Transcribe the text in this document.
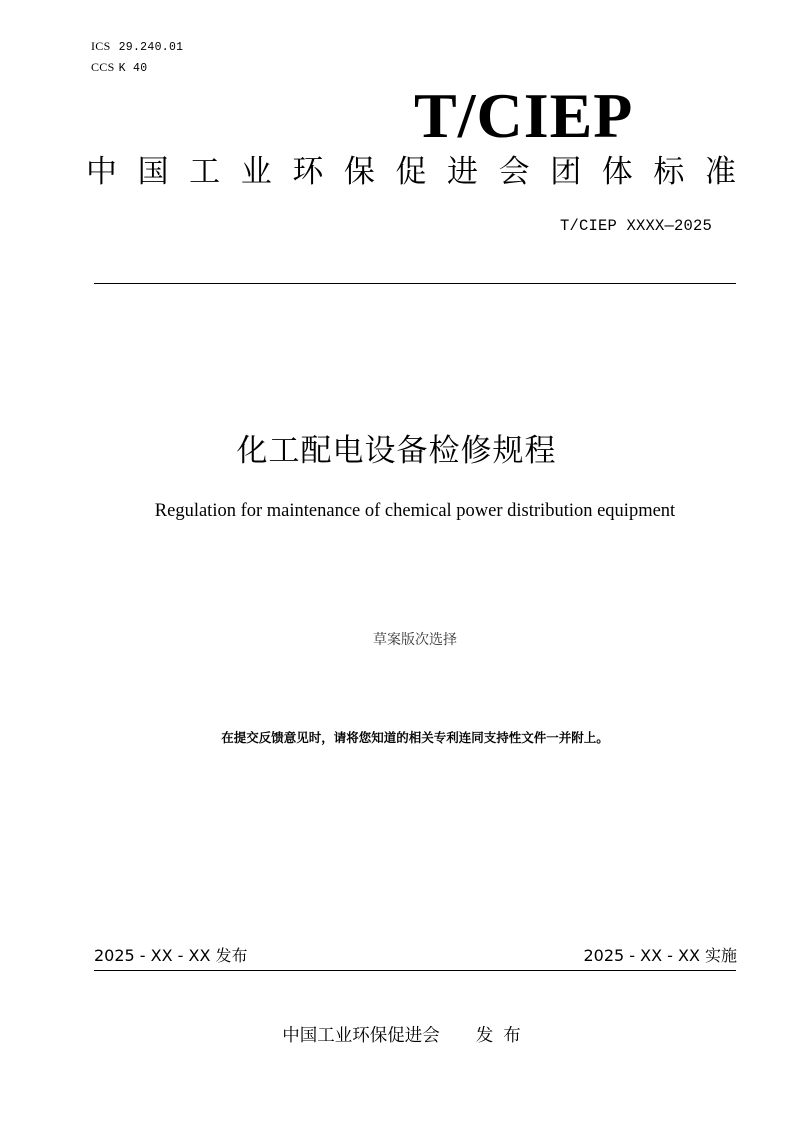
ICS 29.240.01
CCS K 40
T/CIEP
中 国 工 业 环 保 促 进 会 团 体 标 准
T/CIEP XXXX—2025
化工配电设备检修规程
Regulation for maintenance of chemical power distribution equipment
草案版次选择
在提交反馈意见时，请将您知道的相关专利连同支持性文件一并附上。
2025 - XX - XX 发布	2025 - XX - XX 实施
中国工业环保促进会 发布
